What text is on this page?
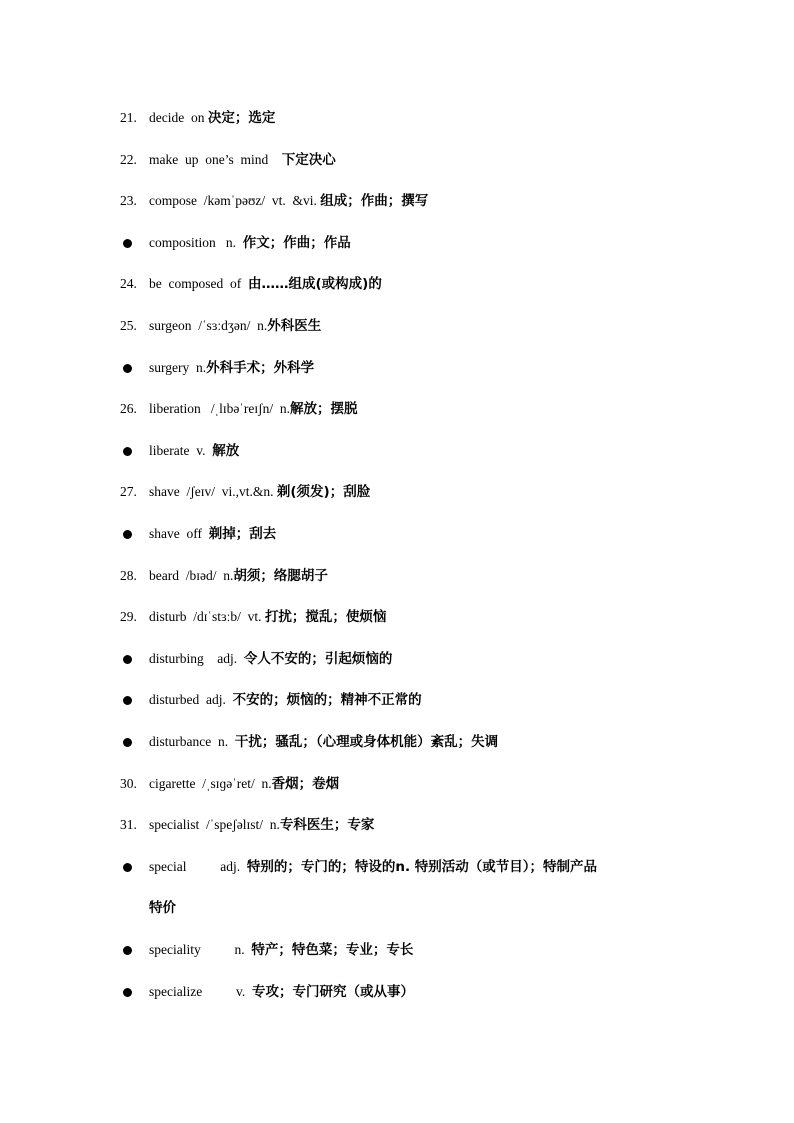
21. decide  on 决定；选定
22. make  up  one’s  mind    下定决心
23. compose  /kəmˈpəʊz/  vt.  &vi. 组成；作曲；撰写
composition   n.  作文；作曲；作品
24. be  composed  of  由……组成(或构成)的
25. surgeon  /ˈsɜːdʒən/  n.外科医生
surgery  n.外科手术；外科学
26. liberation   /ˌlɪbəˈreɪʃn/  n.解放；摆脱
liberate  v.  解放
27. shave  /ʃeɪv/  vi.,vt.&n. 剃(须发)；刮脸
shave  off  剃掉；刮去
28. beard  /bɪəd/  n.胡须；络腮胡子
29. disturb  /dɪˈstɜːb/  vt. 打扰；搅乱；使烦恼
disturbing    adj.  令人不安的；引起烦恼的
disturbed  adj.  不安的；烦恼的；精神不正常的
disturbance  n.  干扰；骚乱；（心理或身体机能）紊乱；失调
30. cigarette  /ˌsɪɡəˈret/  n.香烟；卷烟
31. specialist  /ˈspeʃəlɪst/  n.专科医生；专家
special          adj.  特别的；专门的；特设的n. 特别活动（或节目）；特制产品
特价
speciality          n.  特产；特色菜；专业；专长
specialize          v.  专攻；专门研究（或从事）
